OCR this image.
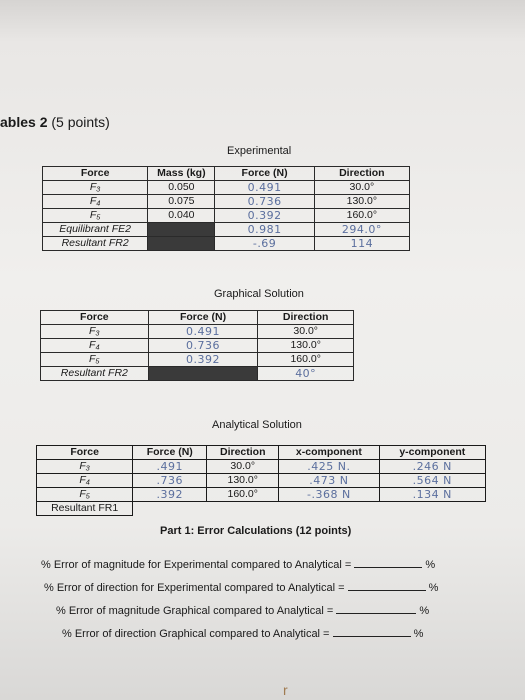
ables 2 (5 points)
Experimental
Force	Mass (kg)	Force (N)	Direction
F₃	0.050	0.491	30.0°
F₄	0.075	0.736	130.0°
F₅	0.040	0.392	160.0°
Equilibrant FE2		0.981	294.0°
Resultant FR2		-.69	114
Graphical Solution
Force	Force (N)	Direction
F₃	0.491	30.0°
F₄	0.736	130.0°
F₅	0.392	160.0°
Resultant FR2		40°
Analytical Solution
Force	Force (N)	Direction	x-component	y-component
F₃	.491	30.0°	.425 N.	.246 N
F₄	.736	130.0°	.473 N	.564 N
F₅	.392	160.0°	-.368 N	.134 N
Resultant FR1				
Part 1: Error Calculations (12 points)
% Error of magnitude for Experimental compared to Analytical =	%
% Error of direction for Experimental compared to Analytical =	%
% Error of magnitude Graphical compared to Analytical =	%
% Error of direction Graphical compared to Analytical =	%
r
